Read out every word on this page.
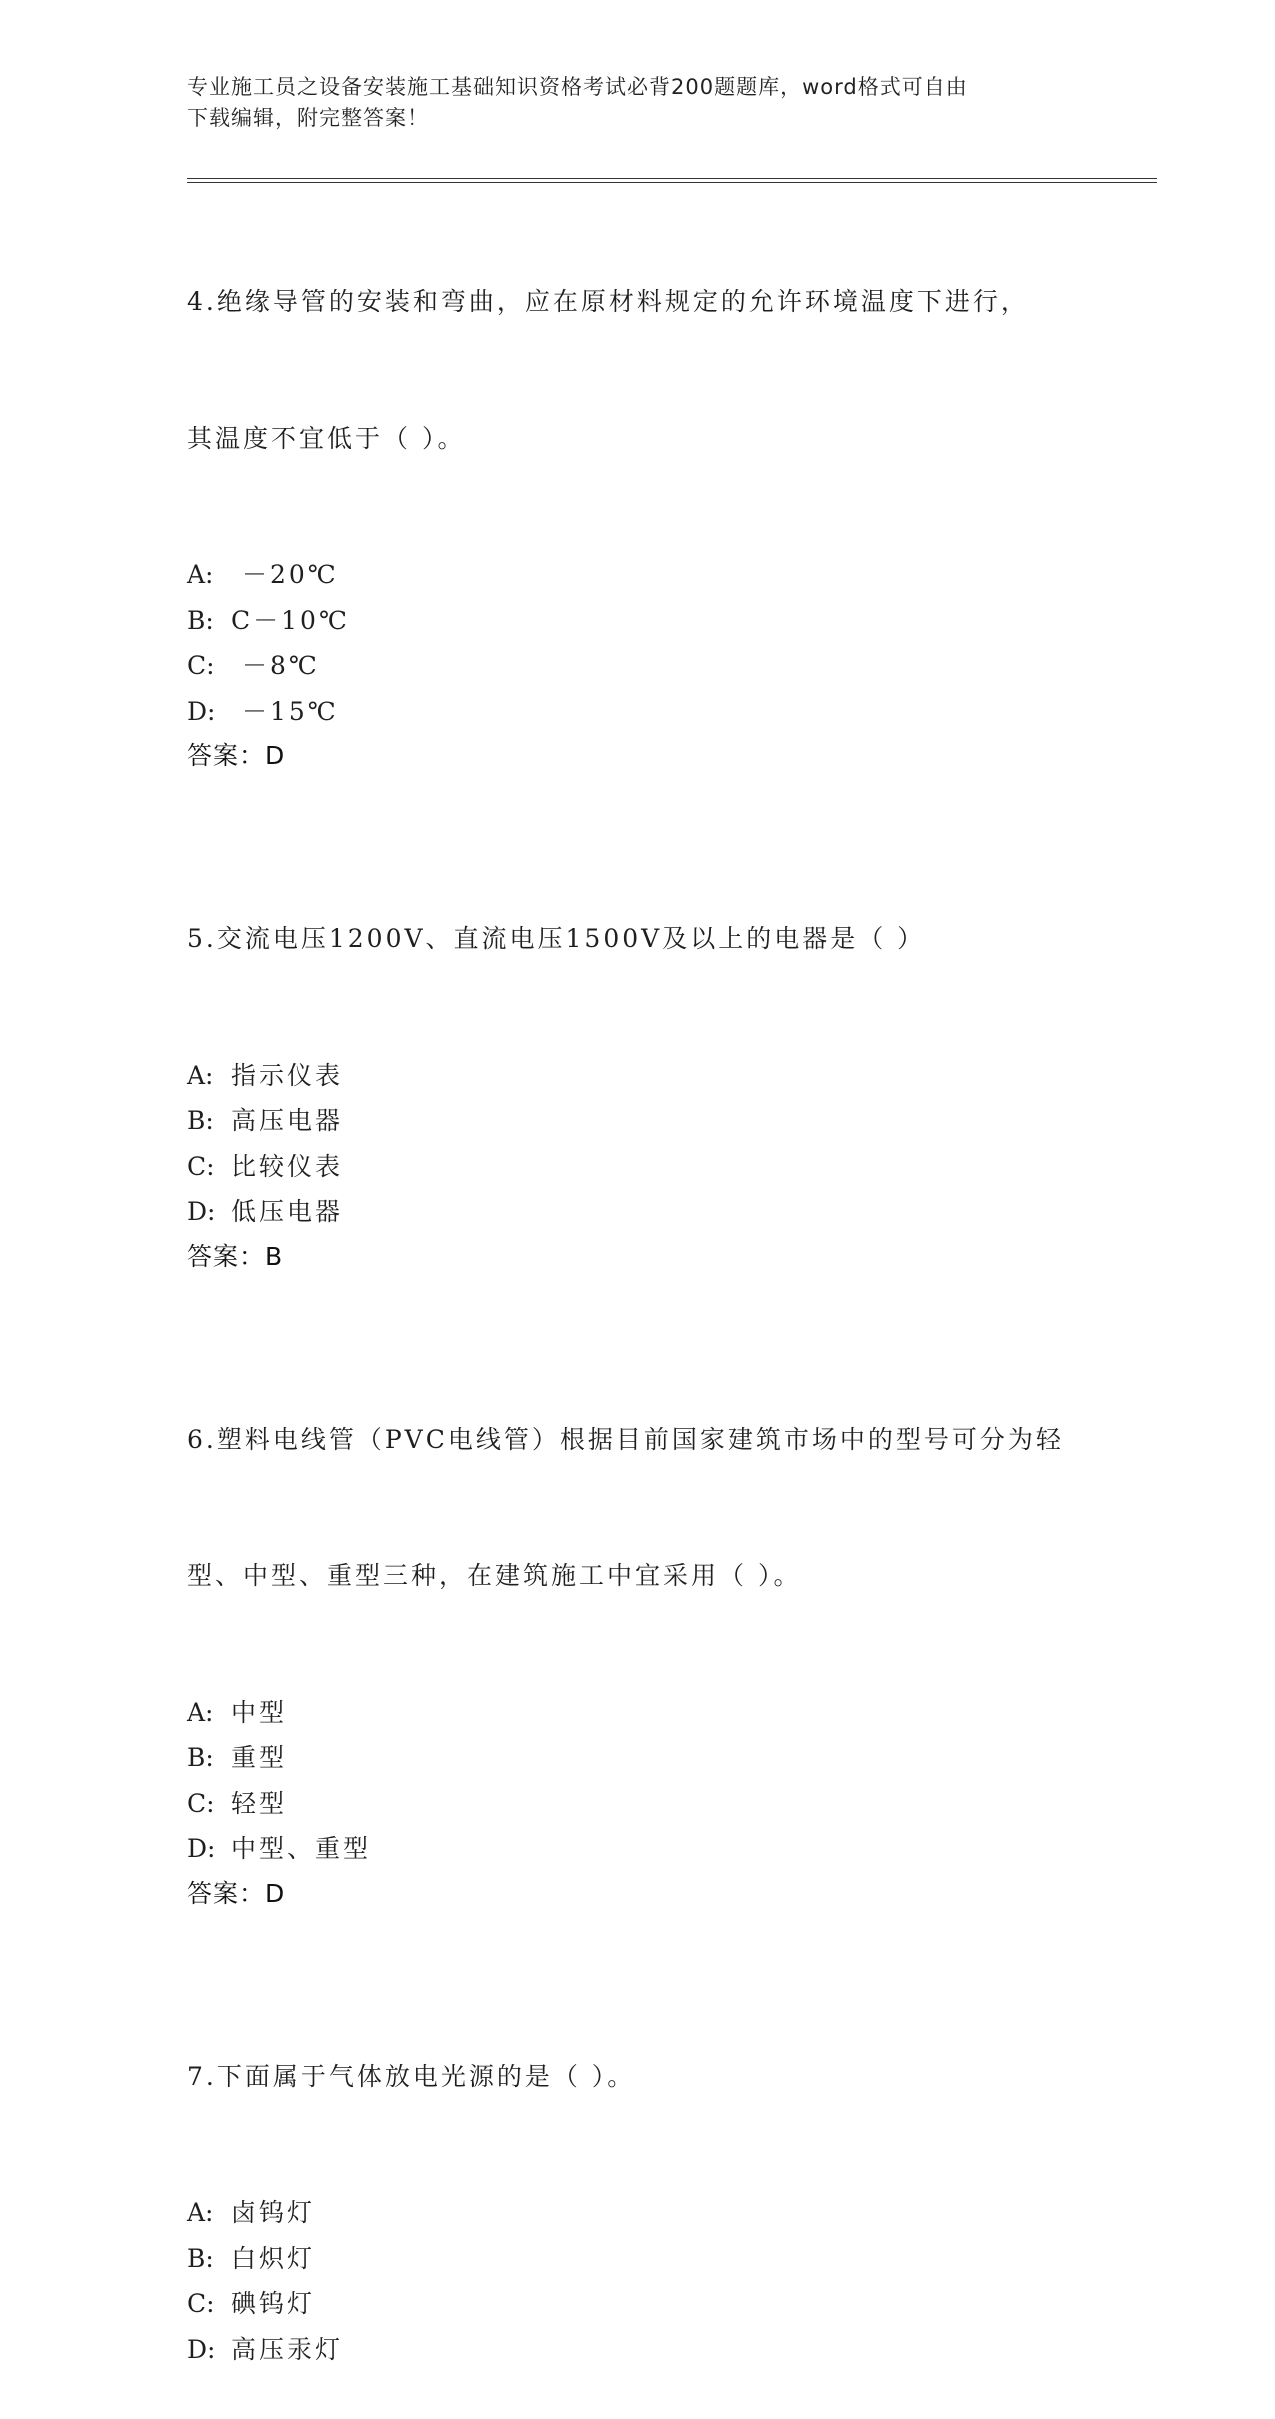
专业施工员之设备安装施工基础知识资格考试必背200题题库，word格式可自由
下载编辑，附完整答案！

4.绝缘导管的安装和弯曲，应在原材料规定的允许环境温度下进行，

其温度不宜低于（ ）。

A: －20℃
B: C－10℃
C: －8℃
D: －15℃
答案：D

5.交流电压1200V、直流电压1500V及以上的电器是（ ）

A: 指示仪表
B: 高压电器
C: 比较仪表
D: 低压电器
答案：B

6.塑料电线管（PVC电线管）根据目前国家建筑市场中的型号可分为轻

型、中型、重型三种，在建筑施工中宜采用（ ）。

A: 中型
B: 重型
C: 轻型
D: 中型、重型
答案：D

7.下面属于气体放电光源的是（ ）。

A: 卤钨灯
B: 白炽灯
C: 碘钨灯
D: 高压汞灯
